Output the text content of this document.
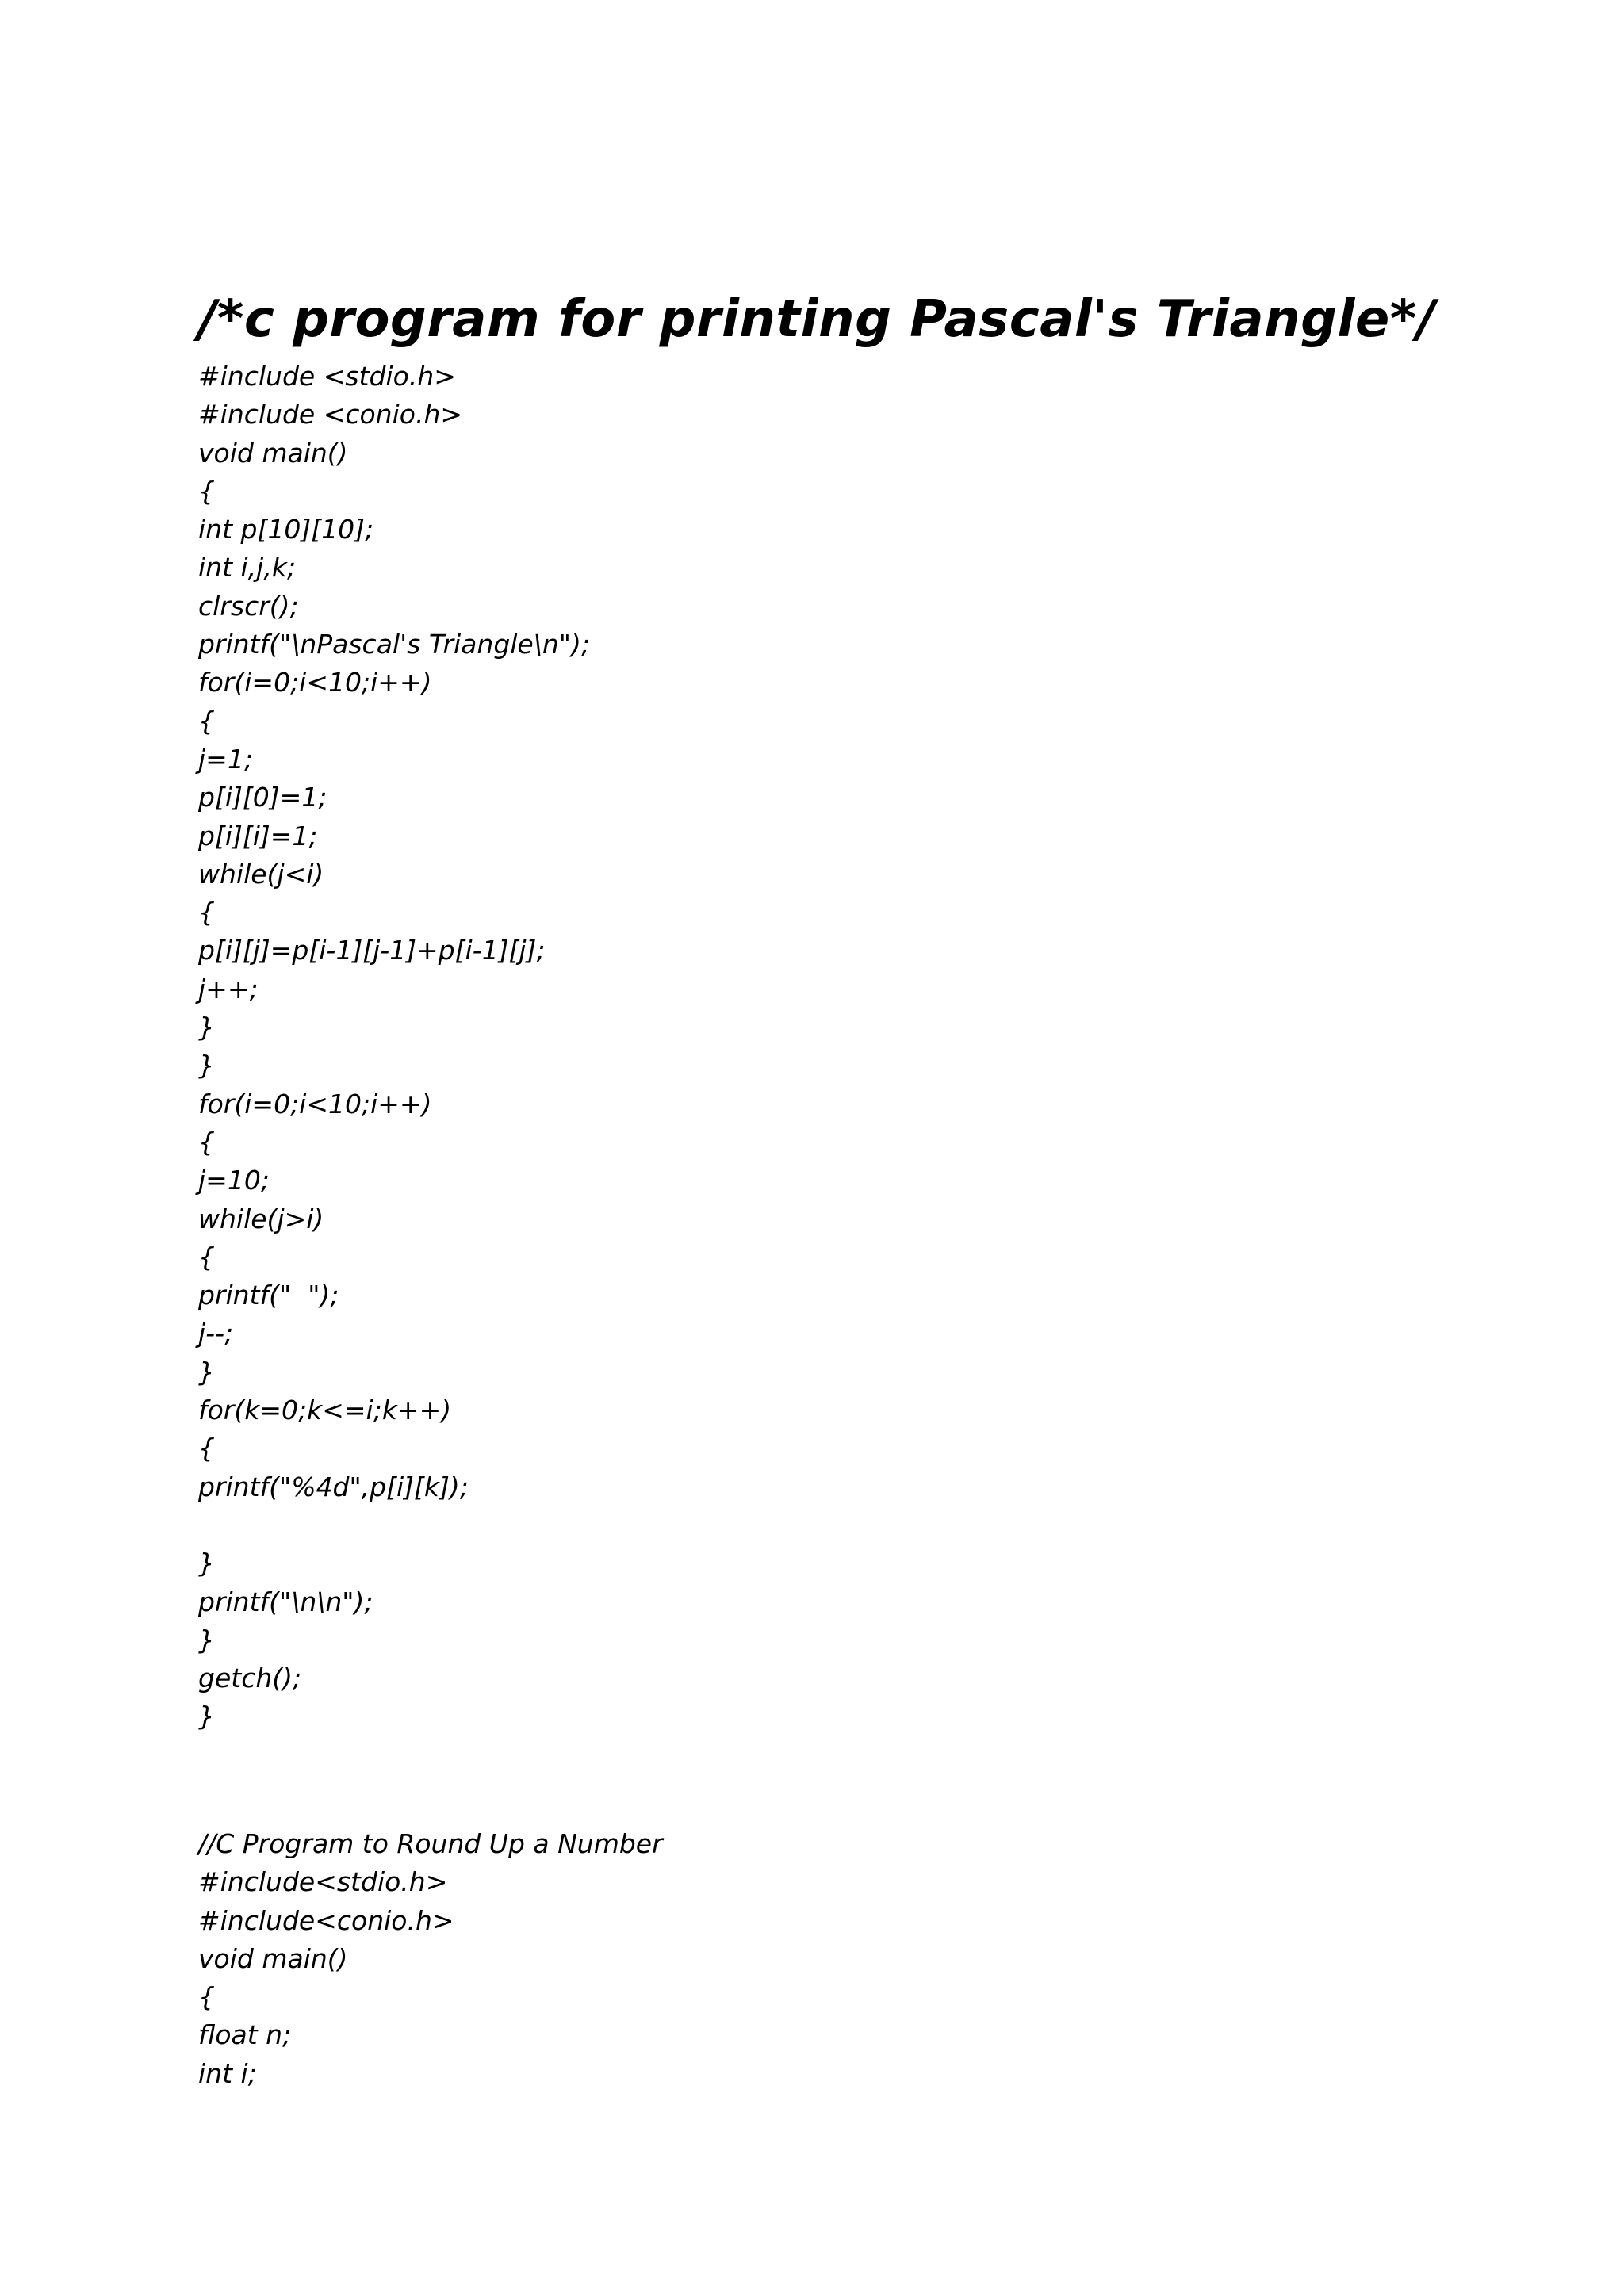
/*c program for printing Pascal's Triangle*/
#include <stdio.h>
#include <conio.h>
void main()
{
int p[10][10];
int i,j,k;
clrscr();
printf("\nPascal's Triangle\n");
for(i=0;i<10;i++)
{
j=1;
p[i][0]=1;
p[i][i]=1;
while(j<i)
{
p[i][j]=p[i-1][j-1]+p[i-1][j];
j++;
}
}
for(i=0;i<10;i++)
{
j=10;
while(j>i)
{
printf("  ");
j--;
}
for(k=0;k<=i;k++)
{
printf("%4d",p[i][k]);
}
printf("\n\n");
}
getch();
}
//C Program to Round Up a Number
#include<stdio.h>
#include<conio.h>
void main()
{
float n;
int i;
